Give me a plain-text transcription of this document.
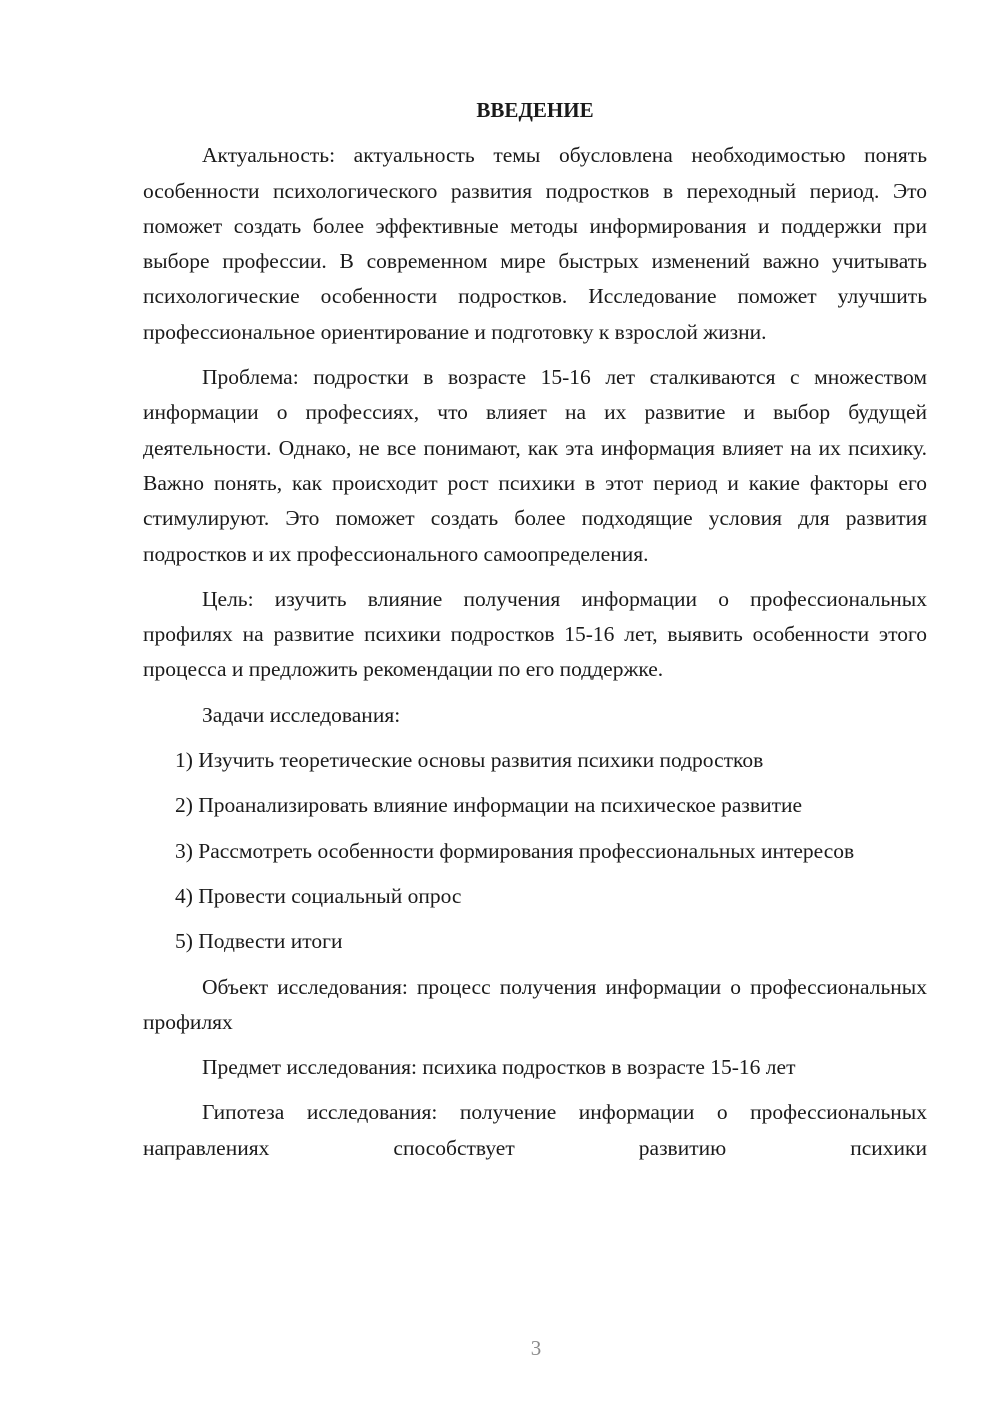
ВВЕДЕНИЕ

Актуальность: актуальность темы обусловлена необходимостью понять особенности психологического развития подростков в переходный период. Это поможет создать более эффективные методы информирования и поддержки при выборе профессии. В современном мире быстрых изменений важно учитывать психологические особенности подростков. Исследование поможет улучшить профессиональное ориентирование и подготовку к взрослой жизни.

Проблема: подростки в возрасте 15-16 лет сталкиваются с множеством информации о профессиях, что влияет на их развитие и выбор будущей деятельности. Однако, не все понимают, как эта информация влияет на их психику. Важно понять, как происходит рост психики в этот период и какие факторы его стимулируют. Это поможет создать более подходящие условия для развития подростков и их профессионального самоопределения.

Цель: изучить влияние получения информации о профессиональных профилях на развитие психики подростков 15-16 лет, выявить особенности этого процесса и предложить рекомендации по его поддержке.

Задачи исследования:

1) Изучить теоретические основы развития психики подростков

2) Проанализировать влияние информации на психическое развитие

3) Рассмотреть особенности формирования профессиональных интересов

4) Провести социальный опрос

5) Подвести итоги

Объект исследования: процесс получения информации о профессиональных профилях

Предмет исследования: психика подростков в возрасте 15-16 лет

Гипотеза исследования: получение информации о профессиональных направлениях способствует развитию психики

3
